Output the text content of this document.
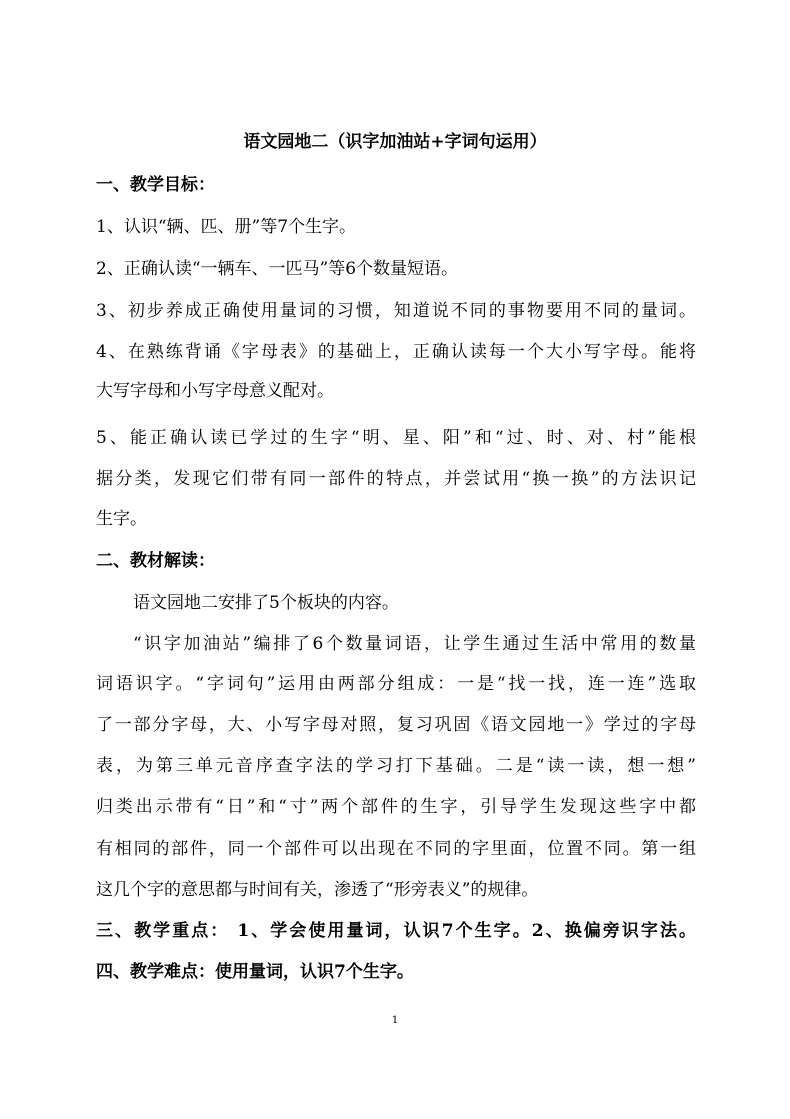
语文园地二（识字加油站+字词句运用）
一、教学目标：
1、认识“辆、匹、册”等7个生字。
2、正确认读“一辆车、一匹马”等6个数量短语。
3、初步养成正确使用量词的习惯，知道说不同的事物要用不同的量词。
4、在熟练背诵《字母表》的基础上，正确认读每一个大小写字母。能将
大写字母和小写字母意义配对。
5、能正确认读已学过的生字“明、星、阳”和“过、时、对、村”能根
据分类，发现它们带有同一部件的特点，并尝试用“换一换”的方法识记
生字。
二、教材解读：
语文园地二安排了5个板块的内容。
“识字加油站”编排了6个数量词语，让学生通过生活中常用的数量
词语识字。“字词句”运用由两部分组成：一是“找一找，连一连”选取
了一部分字母，大、小写字母对照，复习巩固《语文园地一》学过的字母
表，为第三单元音序查字法的学习打下基础。二是“读一读，想一想”
归类出示带有“日”和“寸”两个部件的生字，引导学生发现这些字中都
有相同的部件，同一个部件可以出现在不同的字里面，位置不同。第一组
这几个字的意思都与时间有关，渗透了“形旁表义”的规律。
三、教学重点： 1、学会使用量词，认识7个生字。2、换偏旁识字法。
四、教学难点：使用量词，认识7个生字。
1
